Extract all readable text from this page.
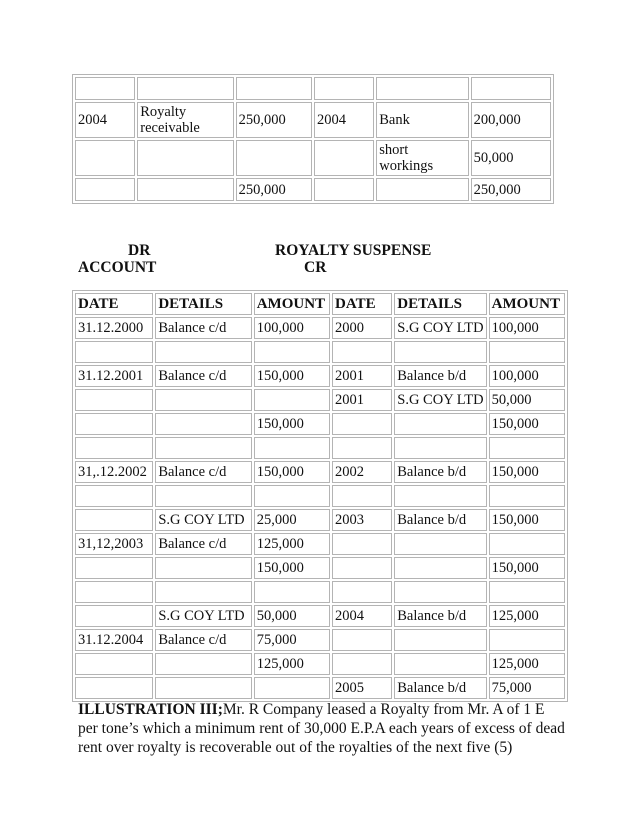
2004	Royalty receivable	250,000	2004	Bank	200,000
				short workings	50,000
		250,000			250,000
DR
ACCOUNT
ROYALTY SUSPENSE
CR
DATE	DETAILS	AMOUNT	DATE	DETAILS	AMOUNT
31.12.2000	Balance c/d	100,000	2000	S.G COY LTD	100,000

31.12.2001	Balance c/d	150,000	2001	Balance b/d	100,000
			2001	S.G COY LTD	50,000
		150,000			150,000

31,.12.2002	Balance c/d	150,000	2002	Balance b/d	150,000

	S.G COY LTD	25,000	2003	Balance b/d	150,000
31,12,2003	Balance c/d	125,000			
		150,000			150,000

	S.G COY LTD	50,000	2004	Balance b/d	125,000
31.12.2004	Balance c/d	75,000			
		125,000			125,000
			2005	Balance b/d	75,000
ILLUSTRATION III;Mr. R Company leased a Royalty from Mr. A of 1 E per tone’s which a minimum rent of 30,000 E.P.A each years of excess of dead rent over royalty is recoverable out of the royalties of the next five (5)
